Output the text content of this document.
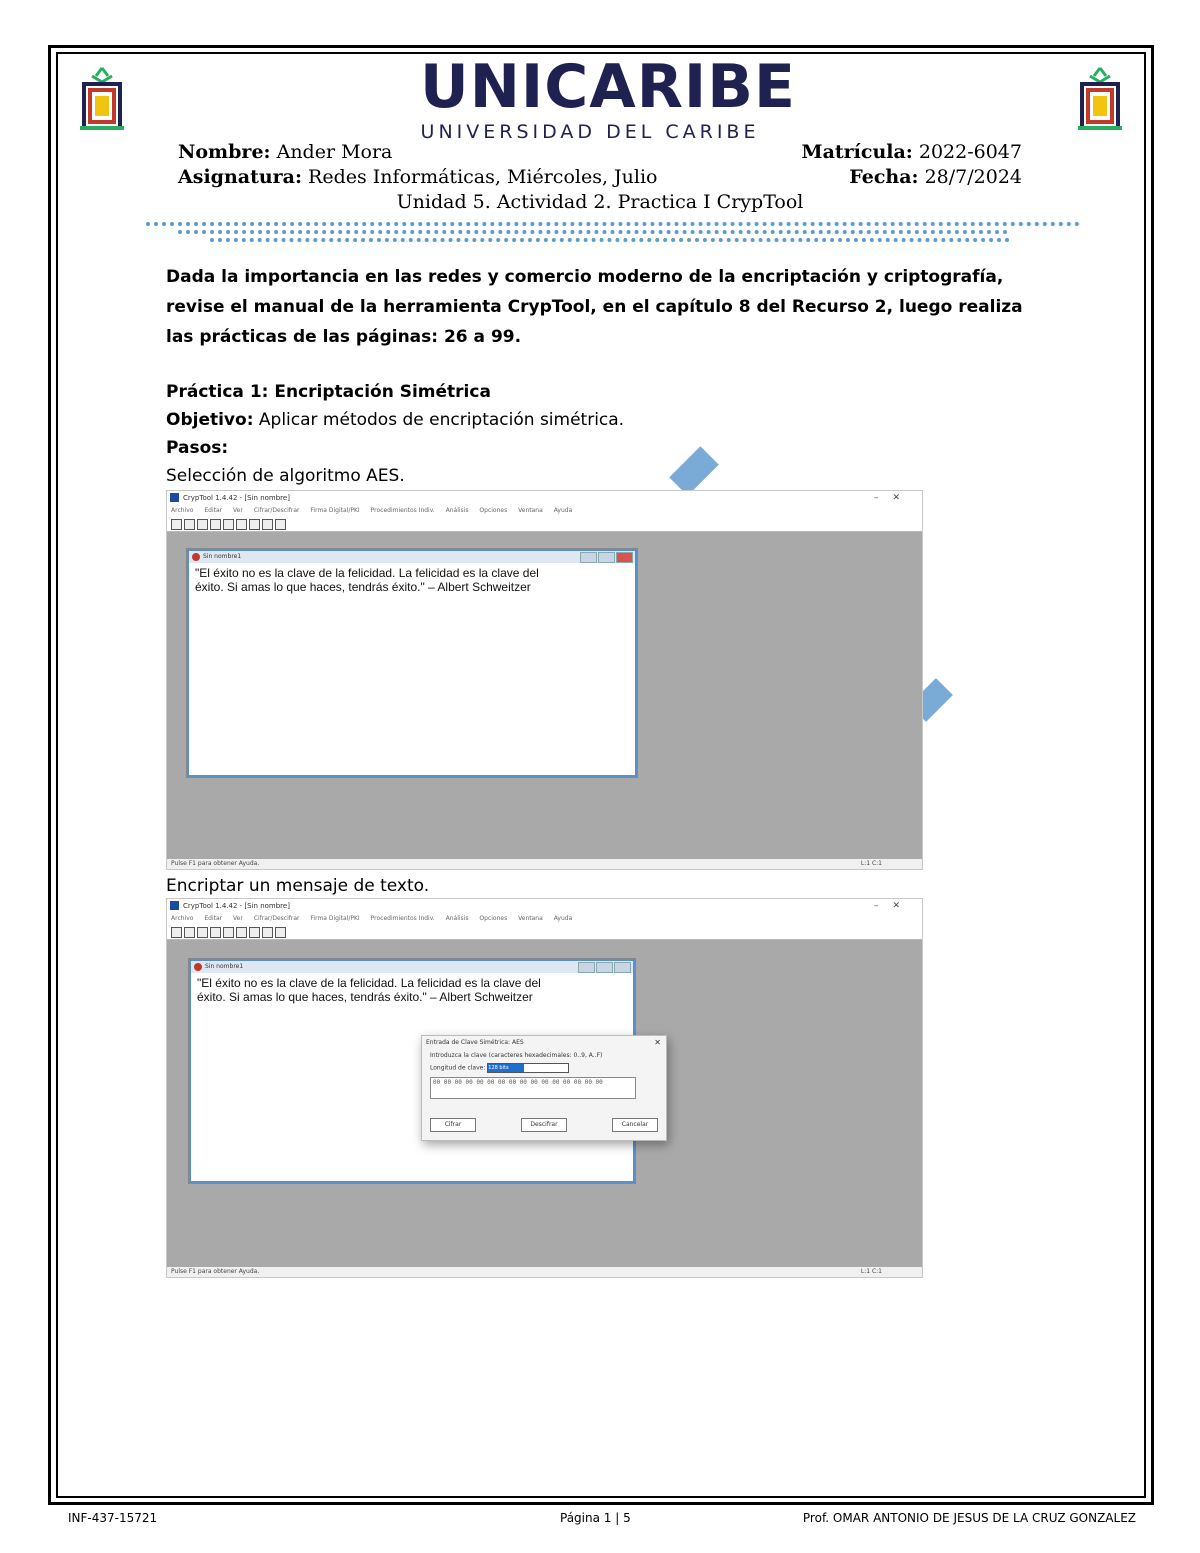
UNICARIBE
UNIVERSIDAD DEL CARIBE
Nombre: Ander Mora
Asignatura: Redes Informáticas, Miércoles, Julio
Matrícula: 2022-6047
Fecha: 28/7/2024
Unidad 5. Actividad 2. Practica I CrypTool
Dada la importancia en las redes y comercio moderno de la encriptación y criptografía, revise el manual de la herramienta CrypTool, en el capítulo 8 del Recurso 2, luego realiza las prácticas de las páginas: 26 a 99.
Práctica 1: Encriptación Simétrica
Objetivo: Aplicar métodos de encriptación simétrica.
Pasos:
Selección de algoritmo AES.
CrypTool 1.4.42 - [Sin nombre]	–✕
Archivo Editar Ver Cifrar/Descifrar Firma Digital/PKI Procedimientos Indiv. Análisis Opciones Ventana Ayuda
Sin nombre1
"El éxito no es la clave de la felicidad. La felicidad es la clave del
éxito. Si amas lo que haces, tendrás éxito." – Albert Schweitzer
Pulse F1 para obtener Ayuda.	L:1 C:1
Encriptar un mensaje de texto.
CrypTool 1.4.42 - [Sin nombre]	–✕
Archivo Editar Ver Cifrar/Descifrar Firma Digital/PKI Procedimientos Indiv. Análisis Opciones Ventana Ayuda
Sin nombre1
"El éxito no es la clave de la felicidad. La felicidad es la clave del
éxito. Si amas lo que haces, tendrás éxito." – Albert Schweitzer
Entrada de Clave Simétrica: AES	✕
Introduzca la clave (caracteres hexadecimales: 0..9, A..F)
Longitud de clave: 128 bits
00 00 00 00 00 00 00 00 00 00 00 00 00 00 00 00
Cifrar	Descifrar	Cancelar
Pulse F1 para obtener Ayuda.	L:1 C:1
INF-437-15721	Página 1 | 5	Prof. OMAR ANTONIO DE JESUS DE LA CRUZ GONZALEZ
